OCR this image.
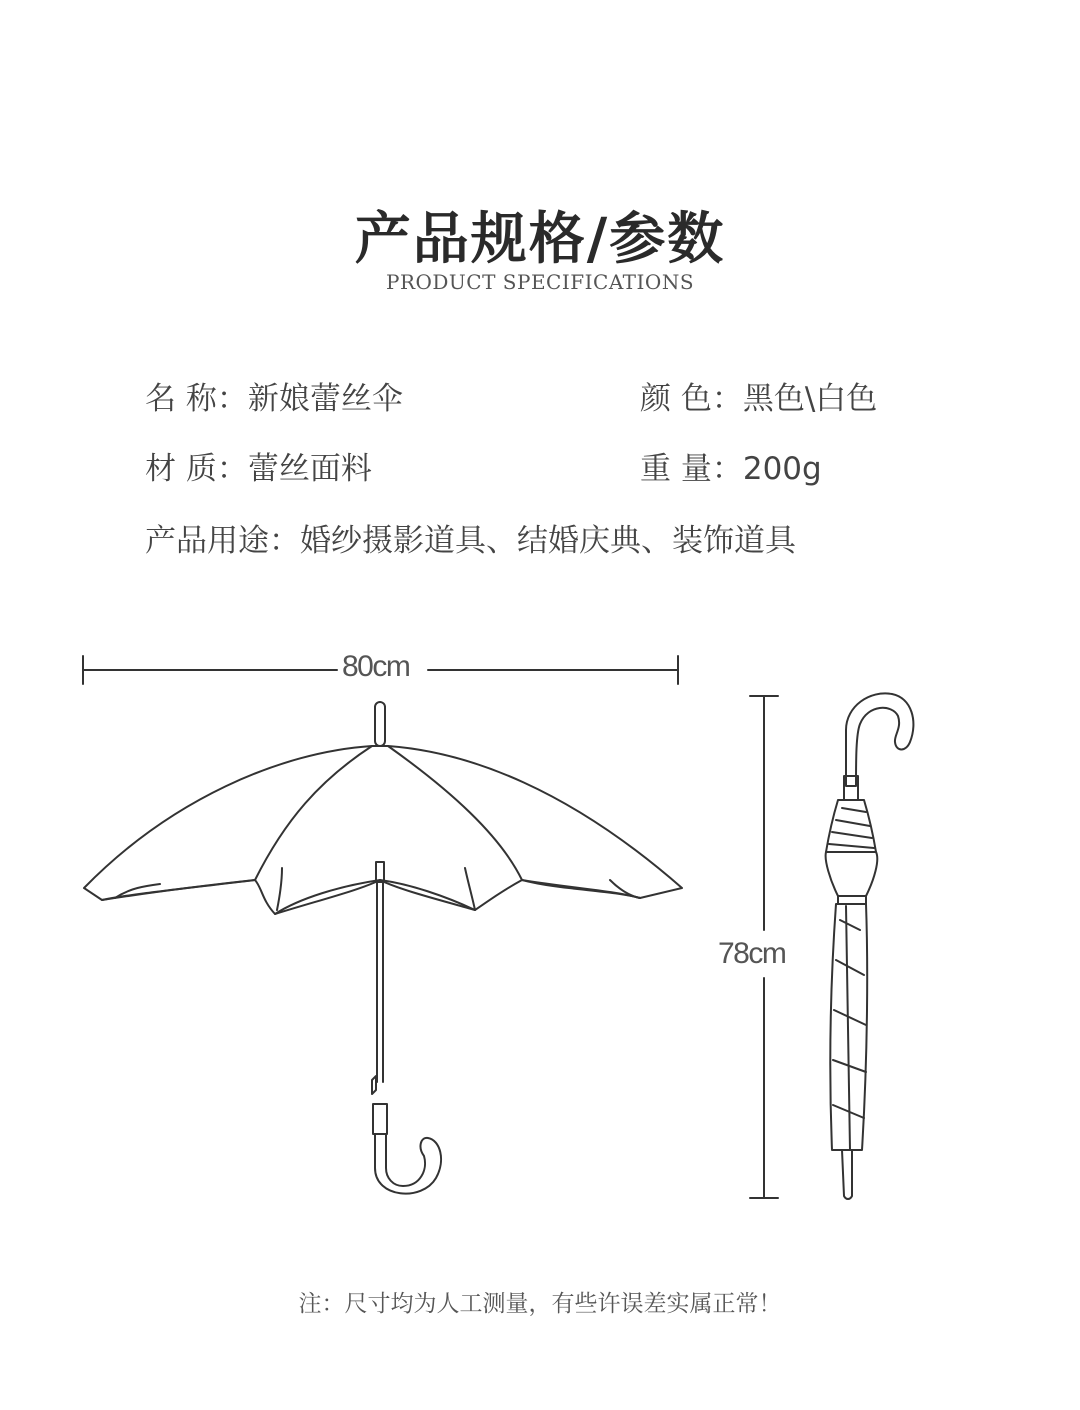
产品规格/参数
PRODUCT SPECIFICATIONS
名 称：新娘蕾丝伞	颜 色：黑色\白色
材 质：蕾丝面料	重 量：200g
产品用途：婚纱摄影道具、结婚庆典、装饰道具
80cm
78cm
注：尺寸均为人工测量，有些许误差实属正常！
